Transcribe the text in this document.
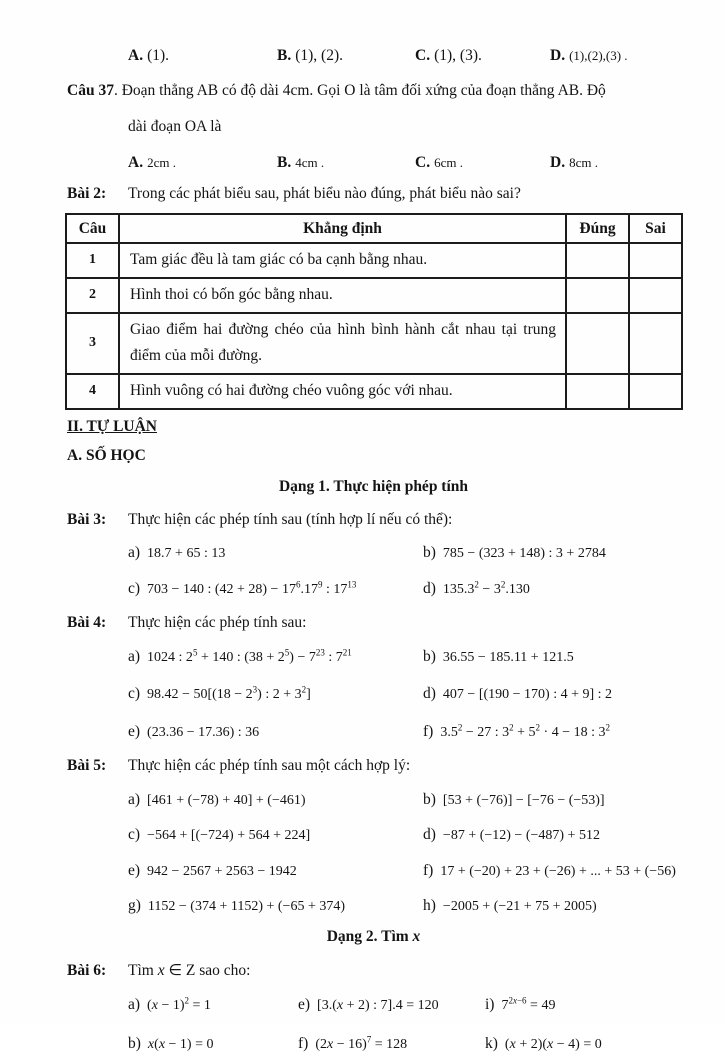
A. (1).	B. (1), (2).	C. (1), (3).	D. (1),(2),(3) .

Câu 37. Đoạn thẳng AB có độ dài 4cm. Gọi O là tâm đối xứng của đoạn thẳng AB. Độ

dài đoạn OA là

A. 2cm .	B. 4cm .	C. 6cm .	D. 8cm .
Bài 2:	Trong các phát biểu sau, phát biểu nào đúng, phát biểu nào sai?
Câu	Khẳng định	Đúng	Sai
1	Tam giác đều là tam giác có ba cạnh bằng nhau.		
2	Hình thoi có bốn góc bằng nhau.		
3	Giao điểm hai đường chéo của hình bình hành cắt nhau tại trung điểm của mỗi đường.		
4	Hình vuông có hai đường chéo vuông góc với nhau.		
II. TỰ LUẬN
A. SỐ HỌC
Dạng 1. Thực hiện phép tính
Bài 3:	Thực hiện các phép tính sau (tính hợp lí nếu có thể):
a) 18.7 + 65 : 13	b) 785 − (323 + 148) : 3 + 2784
c) 703 − 140 : $(42 + 28) - 17^6.17^9$ : $17^{13}$	d) $135.3^2 - 3^2.130$
Bài 4:	Thực hiện các phép tính sau:
a) 1024 : $2^5 + 140$ : $(38 + 2^5) - 7^{23}$ : $7^{21}$	b) 36.55 − 185.11 + 121.5
c) $98.42 - 50[(18 - 2^3)$ : $2 + 3^2$]	d) 407 − [(190 − 170) : 4 + 9] : 2
e) (23.36 − 17.36) : 36	f) $3.5^2 - 27$ : $3^2 + 5^2 \cdot 4 - 18$ : $3^2$
Bài 5:	Thực hiện các phép tính sau một cách hợp lý:
a) [461 + (−78) + 40] + (−461)	b) [53 + (−76)] − [−76 − (−53)]
c) −564 + [(−724) + 564 + 224]	d) −87 + (−12) − (−487) + 512
e) 942 − 2567 + 2563 − 1942	f) 17 + (−20) + 23 + (−26) + ... + 53 + (−56)
g) 1152 − (374 + 1152) + (−65 + 374)	h) −2005 + (−21 + 75 + 2005)
Dạng 2. Tìm x
Bài 6:	Tìm x ∈ Z sao cho:
a) $(x - 1)^2 = 1$	e) [3.(x + 2) : 7].4 = 120	i) $7^{2x-6} = 49$
b) x(x − 1) = 0	f) $(2x - 16)^7 = 128$	k) (x + 2)(x − 4) = 0
